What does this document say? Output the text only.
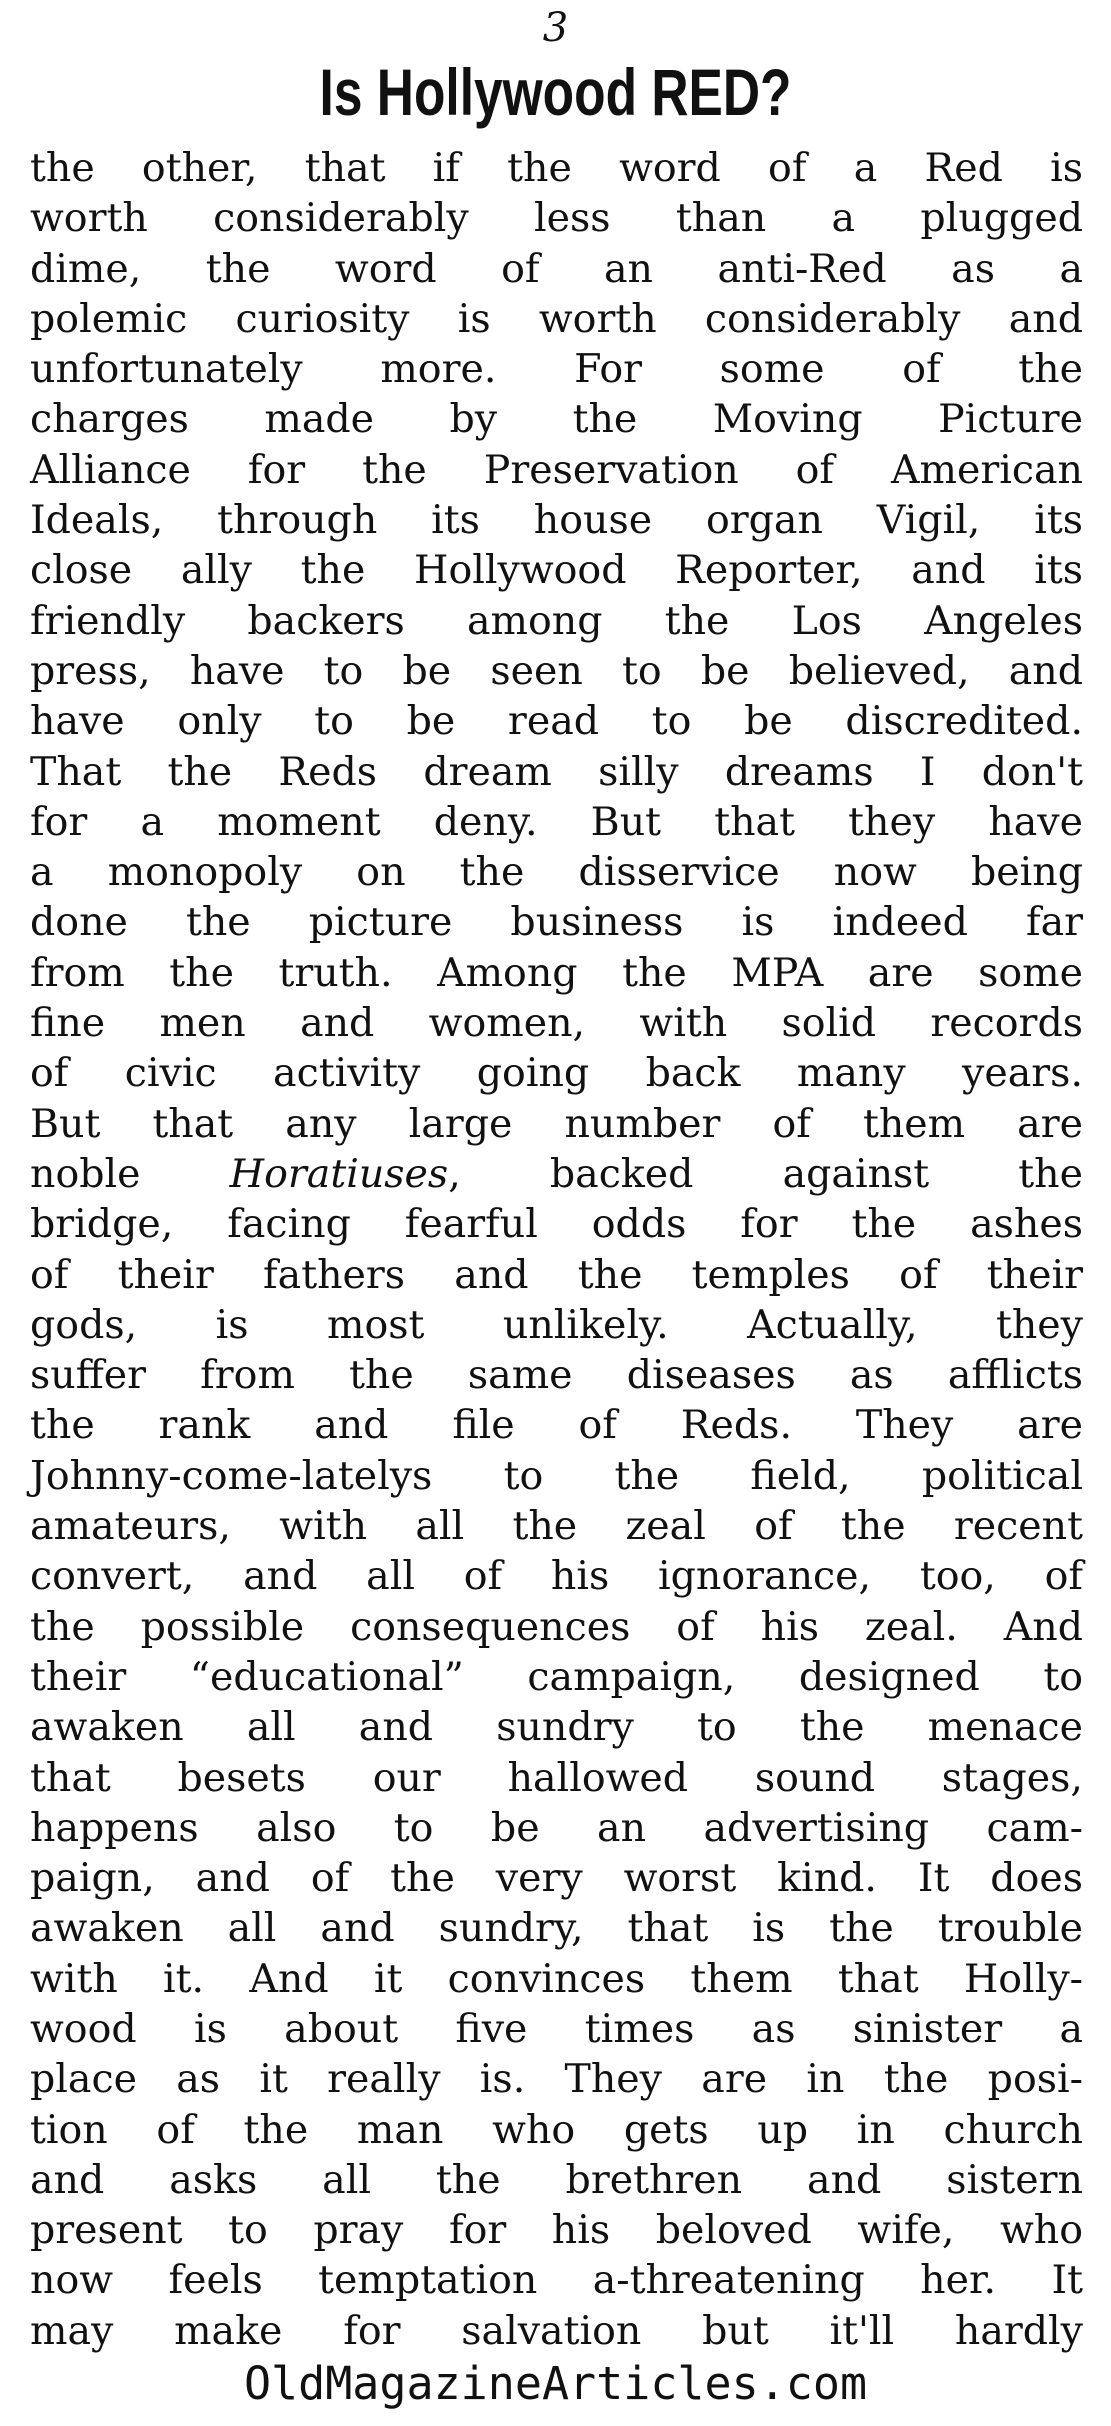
3

Is Hollywood RED?
the other, that if the word of a Red is
worth considerably less than a plugged
dime, the word of an anti-Red as a
polemic curiosity is worth considerably and
unfortunately more. For some of the
charges made by the Moving Picture
Alliance for the Preservation of American
Ideals, through its house organ Vigil, its
close ally the Hollywood Reporter, and its
friendly backers among the Los Angeles
press, have to be seen to be believed, and
have only to be read to be discredited.
That the Reds dream silly dreams I don't
for a moment deny. But that they have
a monopoly on the disservice now being
done the picture business is indeed far
from the truth. Among the MPA are some
fine men and women, with solid records
of civic activity going back many years.
But that any large number of them are
noble Horatiuses, backed against the
bridge, facing fearful odds for the ashes
of their fathers and the temples of their
gods, is most unlikely. Actually, they
suffer from the same diseases as afflicts
the rank and file of Reds. They are
Johnny-come-latelys to the field, political
amateurs, with all the zeal of the recent
convert, and all of his ignorance, too, of
the possible consequences of his zeal. And
their “educational” campaign, designed to
awaken all and sundry to the menace
that besets our hallowed sound stages,
happens also to be an advertising cam-
paign, and of the very worst kind. It does
awaken all and sundry, that is the trouble
with it. And it convinces them that Holly-
wood is about five times as sinister a
place as it really is. They are in the posi-
tion of the man who gets up in church
and asks all the brethren and sistern
present to pray for his beloved wife, who
now feels temptation a-threatening her. It
may make for salvation but it'll hardly

OldMagazineArticles.com
